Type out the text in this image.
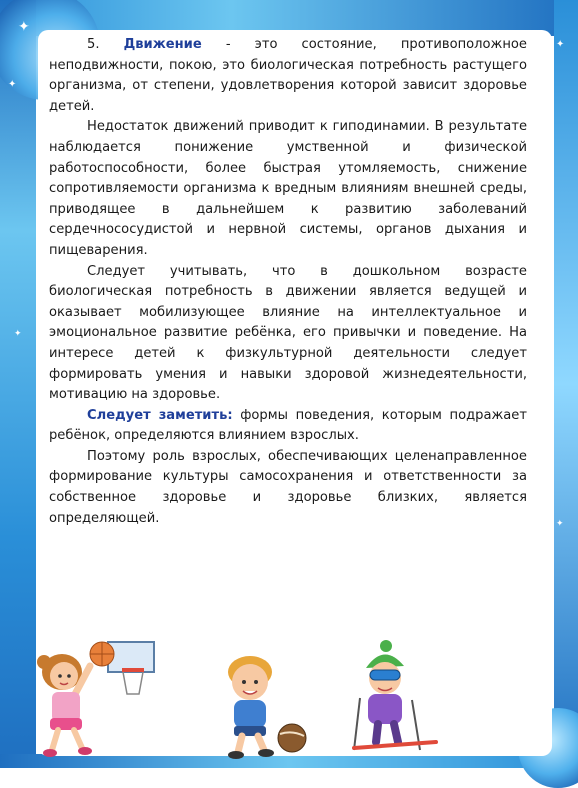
✦
✦
✦
✦
✦

5. Движение - это состояние, противоположное неподвижности, покою, это биологическая потребность растущего организма, от степени, удовлетворения которой зависит здоровье детей.

Недостаток движений приводит к гиподинамии. В результате наблюдается понижение умственной и физической работоспособности, более быстрая утомляемость, снижение сопротивляемости организма к вредным влияниям внешней среды, приводящее в дальнейшем к развитию заболеваний сердечнососудистой и нервной системы, органов дыхания и пищеварения.

Следует учитывать, что в дошкольном возрасте биологическая потребность в движении является ведущей и оказывает мобилизующее влияние на интеллектуальное и эмоциональное развитие ребёнка, его привычки и поведение. На интересе детей к физкультурной деятельности следует формировать умения и навыки здоровой жизнедеятельности, мотивацию на здоровье.

Следует заметить: формы поведения, которым подражает ребёнок, определяются влиянием взрослых.

Поэтому роль взрослых, обеспечивающих целенаправленное формирование культуры самосохранения и ответственности за собственное здоровье и здоровье близких, является определяющей.
